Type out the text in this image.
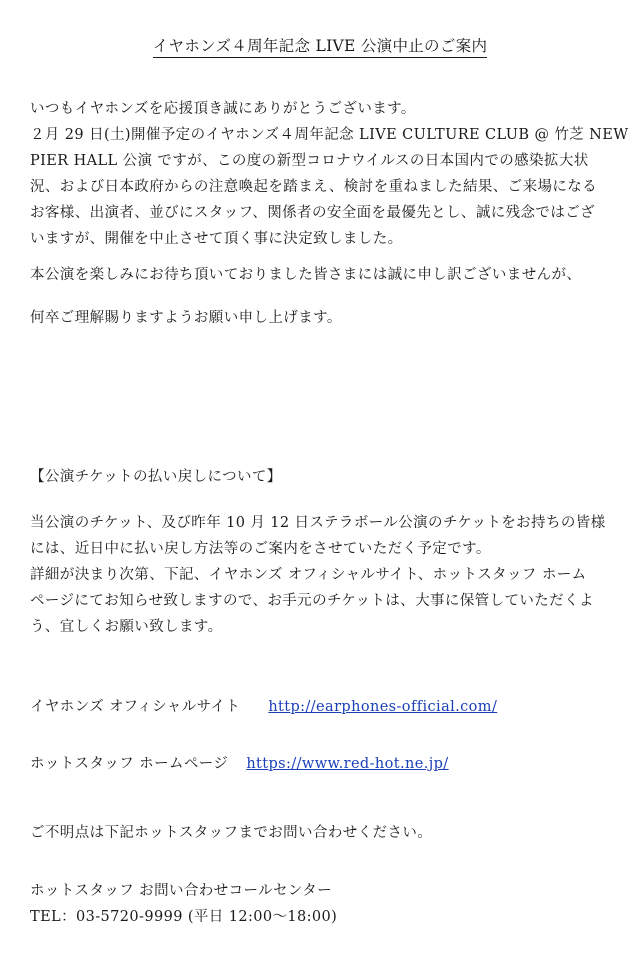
イヤホンズ４周年記念 LIVE 公演中止のご案内
いつもイヤホンズを応援頂き誠にありがとうございます。
２月 29 日(土)開催予定のイヤホンズ４周年記念 LIVE CULTURE CLUB @ 竹芝 NEW
PIER HALL 公演 ですが、この度の新型コロナウイルスの日本国内での感染拡大状
況、および日本政府からの注意喚起を踏まえ、検討を重ねました結果、ご来場になる
お客様、出演者、並びにスタッフ、関係者の安全面を最優先とし、誠に残念ではござ
いますが、開催を中止させて頂く事に決定致しました。
本公演を楽しみにお待ち頂いておりました皆さまには誠に申し訳ございませんが、
何卒ご理解賜りますようお願い申し上げます。
【公演チケットの払い戻しについて】
当公演のチケット、及び昨年 10 月 12 日ステラボール公演のチケットをお持ちの皆様
には、近日中に払い戻し方法等のご案内をさせていただく予定です。
詳細が決まり次第、下記、イヤホンズ オフィシャルサイト、ホットスタッフ ホーム
ページにてお知らせ致しますので、お手元のチケットは、大事に保管していただくよ
う、宜しくお願い致します。
イヤホンズ オフィシャルサイト http://earphones-official.com/
ホットスタッフ ホームページ https://www.red-hot.ne.jp/
ご不明点は下記ホットスタッフまでお問い合わせください。
ホットスタッフ お問い合わせコールセンター
TEL：03-5720-9999 (平日 12:00～18:00)
